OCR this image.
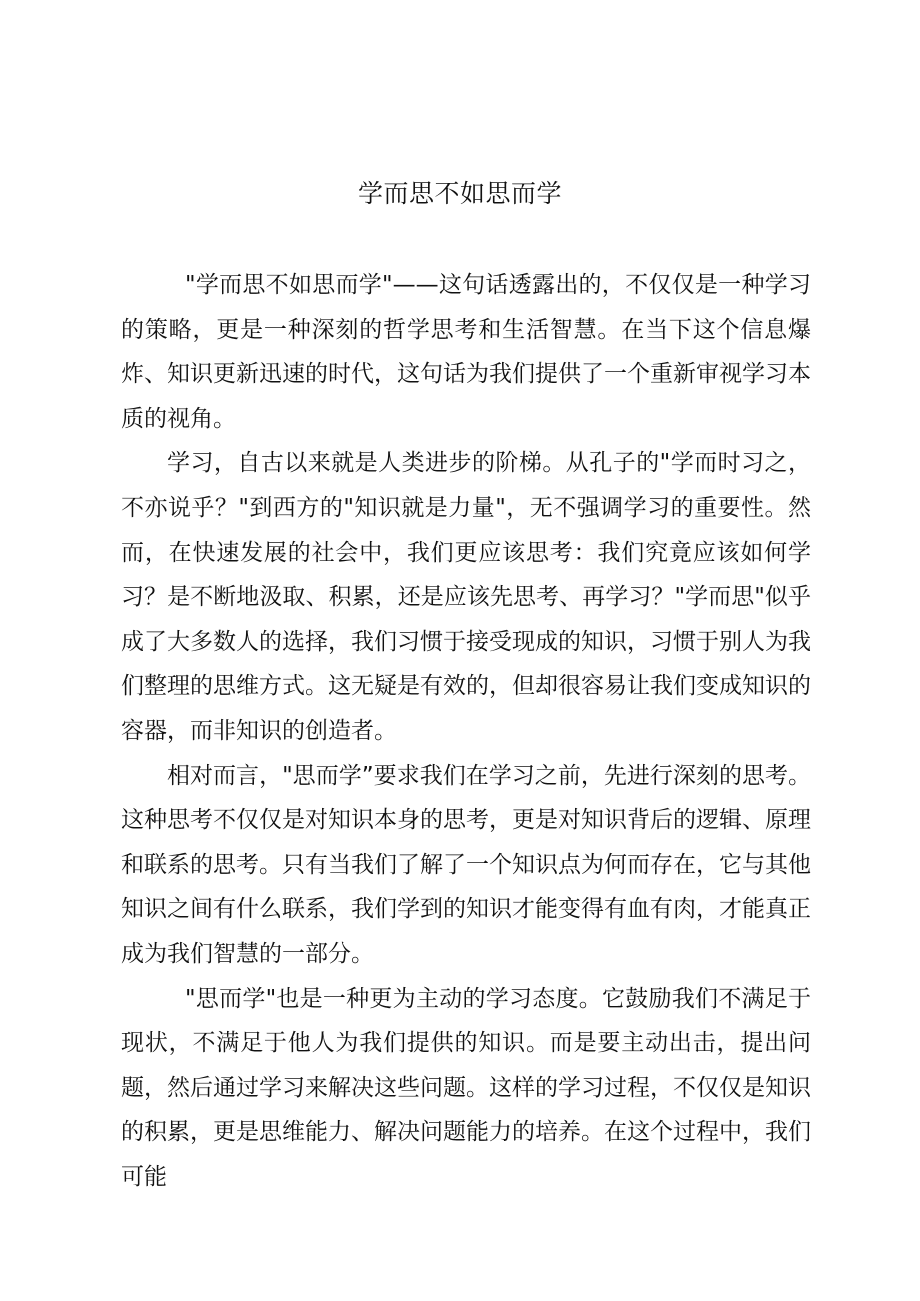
学而思不如思而学

"学而思不如思而学"——这句话透露出的，不仅仅是一种学习的策略，更是一种深刻的哲学思考和生活智慧。在当下这个信息爆炸、知识更新迅速的时代，这句话为我们提供了一个重新审视学习本质的视角。

学习，自古以来就是人类进步的阶梯。从孔子的"学而时习之，不亦说乎？"到西方的"知识就是力量"，无不强调学习的重要性。然而，在快速发展的社会中，我们更应该思考：我们究竟应该如何学习？是不断地汲取、积累，还是应该先思考、再学习？"学而思"似乎成了大多数人的选择，我们习惯于接受现成的知识，习惯于别人为我们整理的思维方式。这无疑是有效的，但却很容易让我们变成知识的容器，而非知识的创造者。

相对而言，"思而学”要求我们在学习之前，先进行深刻的思考。这种思考不仅仅是对知识本身的思考，更是对知识背后的逻辑、原理和联系的思考。只有当我们了解了一个知识点为何而存在，它与其他知识之间有什么联系，我们学到的知识才能变得有血有肉，才能真正成为我们智慧的一部分。

"思而学"也是一种更为主动的学习态度。它鼓励我们不满足于现状，不满足于他人为我们提供的知识。而是要主动出击，提出问题，然后通过学习来解决这些问题。这样的学习过程，不仅仅是知识的积累，更是思维能力、解决问题能力的培养。在这个过程中，我们可能
